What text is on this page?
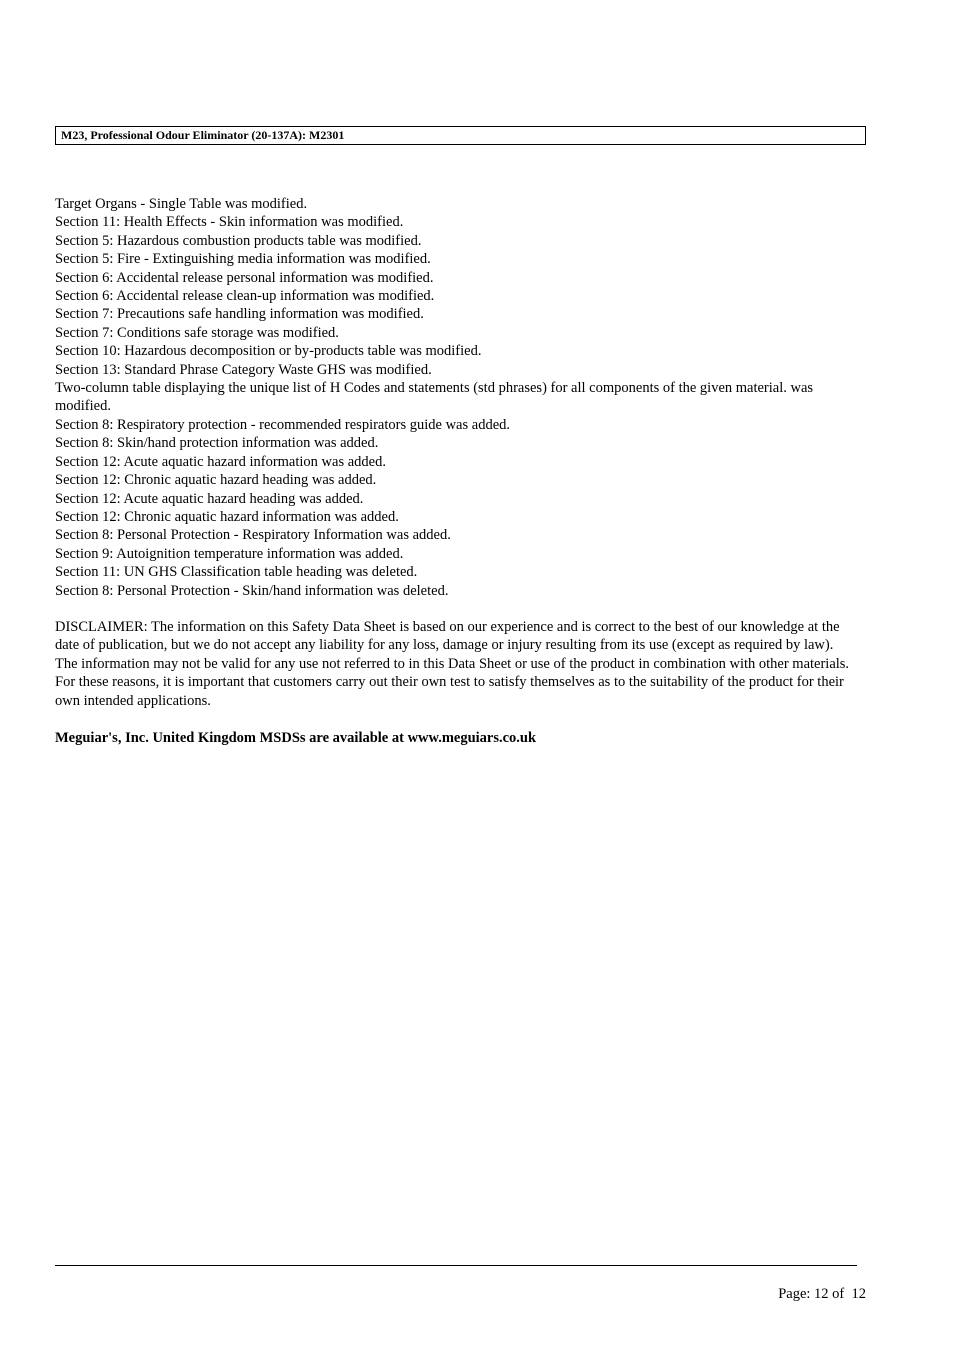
M23, Professional Odour Eliminator (20-137A): M2301
Target Organs - Single Table was modified.
Section 11: Health Effects - Skin information was modified.
Section 5: Hazardous combustion products table was modified.
Section 5: Fire - Extinguishing media information was modified.
Section 6: Accidental release personal information was modified.
Section 6: Accidental release clean-up information was modified.
Section 7: Precautions safe handling information was modified.
Section 7: Conditions safe storage was modified.
Section 10: Hazardous decomposition or by-products table was modified.
Section 13: Standard Phrase Category Waste GHS was modified.
Two-column table displaying the unique list of H Codes and statements (std phrases) for all components of the given material. was modified.
Section 8: Respiratory protection - recommended respirators guide was added.
Section 8: Skin/hand protection information was added.
Section 12: Acute aquatic hazard information was added.
Section 12: Chronic aquatic hazard heading was added.
Section 12: Acute aquatic hazard heading was added.
Section 12: Chronic aquatic hazard information was added.
Section 8: Personal Protection - Respiratory Information was added.
Section 9: Autoignition temperature information was added.
Section 11: UN GHS Classification table heading was deleted.
Section 8: Personal Protection - Skin/hand information was deleted.

DISCLAIMER: The information on this Safety Data Sheet is based on our experience and is correct to the best of our knowledge at the date of publication, but we do not accept any liability for any loss, damage or injury resulting from its use (except as required by law). The information may not be valid for any use not referred to in this Data Sheet or use of the product in combination with other materials. For these reasons, it is important that customers carry out their own test to satisfy themselves as to the suitability of the product for their own intended applications.

Meguiar's, Inc. United Kingdom MSDSs are available at www.meguiars.co.uk

Page: 12 of  12
